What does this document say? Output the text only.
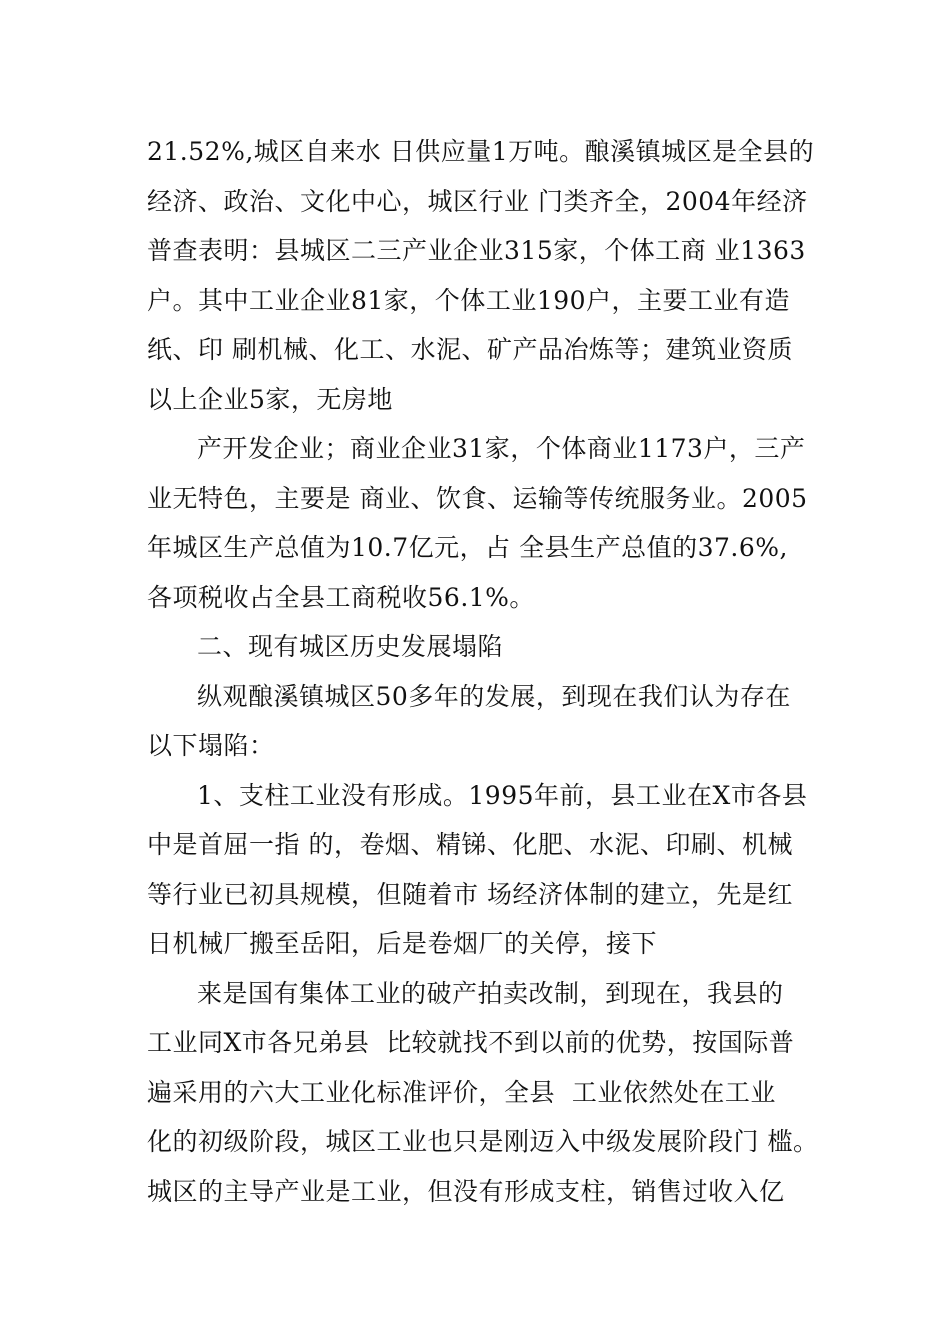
21.52%,城区自来水 日供应量1万吨。酿溪镇城区是全县的
经济、政治、文化中心，城区行业 门类齐全，2004年经济
普查表明：县城区二三产业企业315家，个体工商 业1363
户。其中工业企业81家，个体工业190户，主要工业有造
纸、印 刷机械、化工、水泥、矿产品冶炼等；建筑业资质
以上企业5家，无房地
产开发企业；商业企业31家，个体商业1173户，三产
业无特色，主要是 商业、饮食、运输等传统服务业。2005
年城区生产总值为10.7亿元，占 全县生产总值的37.6%,
各项税收占全县工商税收56.1%。
二、现有城区历史发展塌陷
纵观酿溪镇城区50多年的发展，到现在我们认为存在
以下塌陷：
1、支柱工业没有形成。1995年前，县工业在X市各县
中是首屈一指 的，卷烟、精锑、化肥、水泥、印刷、机械
等行业已初具规模，但随着市 场经济体制的建立，先是红
日机械厂搬至岳阳，后是卷烟厂的关停，接下
来是国有集体工业的破产拍卖改制，到现在，我县的
工业同X市各兄弟县  比较就找不到以前的优势，按国际普
遍采用的六大工业化标准评价，全县  工业依然处在工业
化的初级阶段，城区工业也只是刚迈入中级发展阶段门 槛。
城区的主导产业是工业，但没有形成支柱，销售过收入亿
